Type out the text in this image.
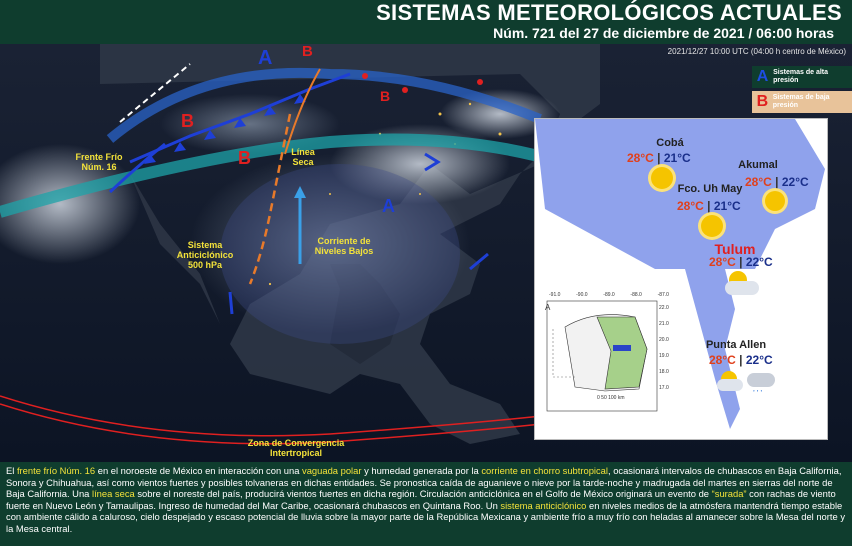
SISTEMAS METEOROLÓGICOS ACTUALES
Núm. 721 del 27 de diciembre de 2021 / 06:00 horas
A
A
B
B
B
B
Frente Frío Núm. 16
Línea Seca
Sistema Anticiclónico 500 hPa
Corriente de Niveles Bajos
Zona de Convergencia Intertropical
2021/12/27 10:00 UTC (04:00 h centro de México)
A Sistemas de alta presión
B Sistemas de baja presión
-91.0	-90.0	-89.0	-88.0	-87.0
22.0
21.0
20.0
19.0
18.0
17.0
A
0 50 100 km
Cobá
28°C | 21°C
Fco. Uh May
28°C | 21°C
Akumal
28°C | 22°C
Tulum
28°C | 22°C
Punta Allen
28°C | 22°C
’ ’ ’
El frente frío Núm. 16 en el noroeste de México en interacción con una vaguada polar y humedad generada por la corriente en chorro subtropical, ocasionará intervalos de chubascos en Baja California, Sonora y Chihuahua, así como vientos fuertes y posibles tolvaneras en dichas entidades. Se pronostica caída de aguanieve o nieve por la tarde-noche y madrugada del martes en sierras del norte de Baja California. Una línea seca sobre el noreste del país, producirá vientos fuertes en dicha región. Circulación anticiclónica en el Golfo de México originará un evento de “surada” con rachas de viento fuerte en Nuevo León y Tamaulipas. Ingreso de humedad del Mar Caribe, ocasionará chubascos en Quintana Roo. Un sistema anticiclónico en niveles medios de la atmósfera mantendrá tiempo estable con ambiente cálido a caluroso, cielo despejado y escaso potencial de lluvia sobre la mayor parte de la República Mexicana y ambiente frío a muy frío con heladas al amanecer sobre la Mesa del norte y la Mesa central.
